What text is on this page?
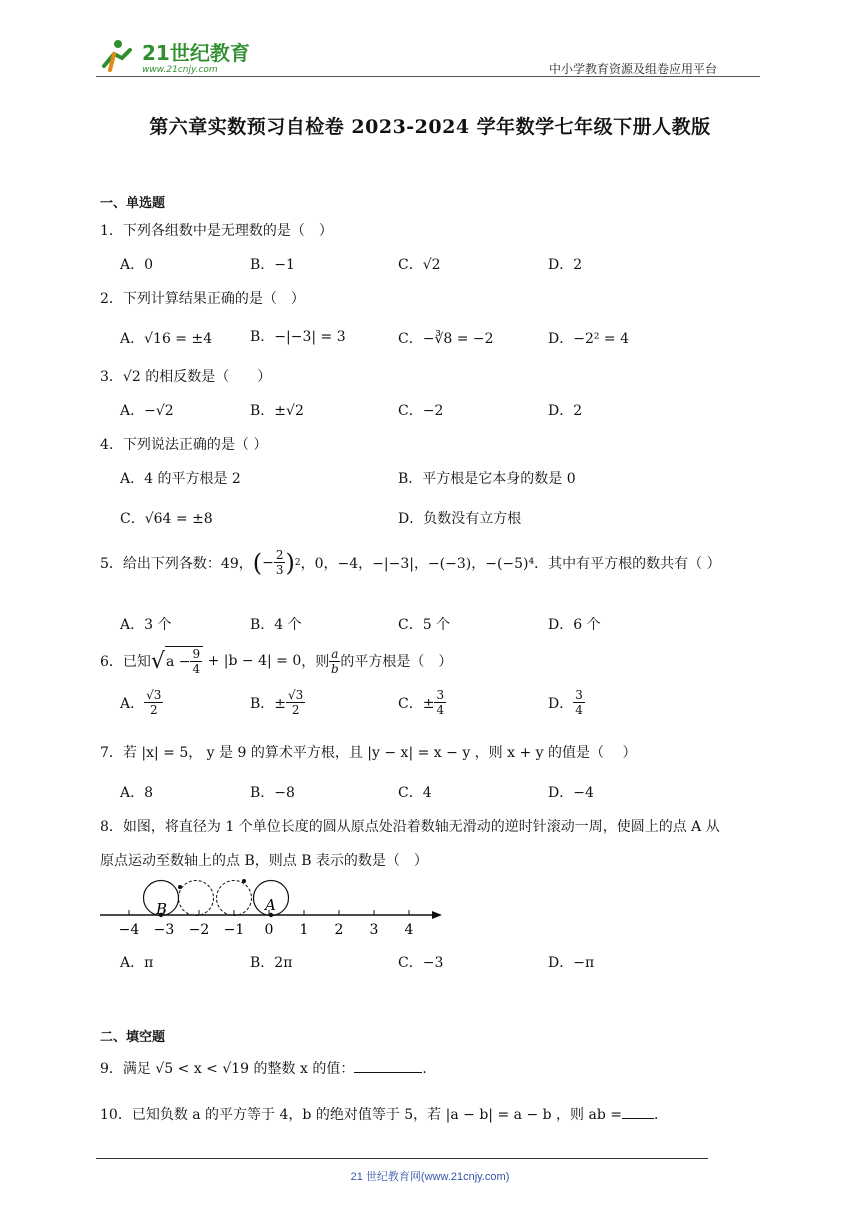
21世纪教育
www.21cnjy.com	中小学教育资源及组卷应用平台
第六章实数预习自检卷 2023-2024 学年数学七年级下册人教版
一、单选题
1．下列各组数中是无理数的是（　）
A．0	B．−1	C．√2	D．2
2．下列计算结果正确的是（　）
A．√16 = ±4	B．−|−3| = 3	C．−∛8 = −2	D．−2² = 4
3．√2 的相反数是（　　）
A．−√2	B．±√2	C．−2	D．2
4．下列说法正确的是（ ）
A．4 的平方根是 2	B．平方根是它本身的数是 0
C．√64 = ±8	D．负数没有立方根
5．给出下列各数：49， ( − $\frac{2}{3}$ ) 2 ，0，−4，−|−3|，−(−3)，−(−5)⁴．其中有平方根的数共有（ ）
A．3 个	B．4 个	C．5 个	D．6 个
6．已知 √ $a - \frac{9}{4} + |b - 4| = 0$ ，则 $\frac{a}{b}$ 的平方根是（　）
A． $\frac{√3}{2}$	B．± $\frac{√3}{2}$	C．± $\frac{3}{4}$	D． $\frac{3}{4}$
7．若 |x| = 5， y 是 9 的算术平方根，且 |y − x| = x − y ，则 x + y 的值是（　 ）
A．8	B．−8	C．4	D．−4
8．如图，将直径为 1 个单位长度的圆从原点处沿着数轴无滑动的逆时针滚动一周，使圆上的点 A 从
原点运动至数轴上的点 B，则点 B 表示的数是（　）
B	A
−4 −3 −2 −1 0 1 2 3 4
A．π	B．2π	C．−3	D．−π
二、填空题
9．满足 √5 < x < √19 的整数 x 的值：	．
10．已知负数 a 的平方等于 4，b 的绝对值等于 5，若 |a − b| = a − b ，则 ab = ．
21 世纪教育网(www.21cnjy.com)
